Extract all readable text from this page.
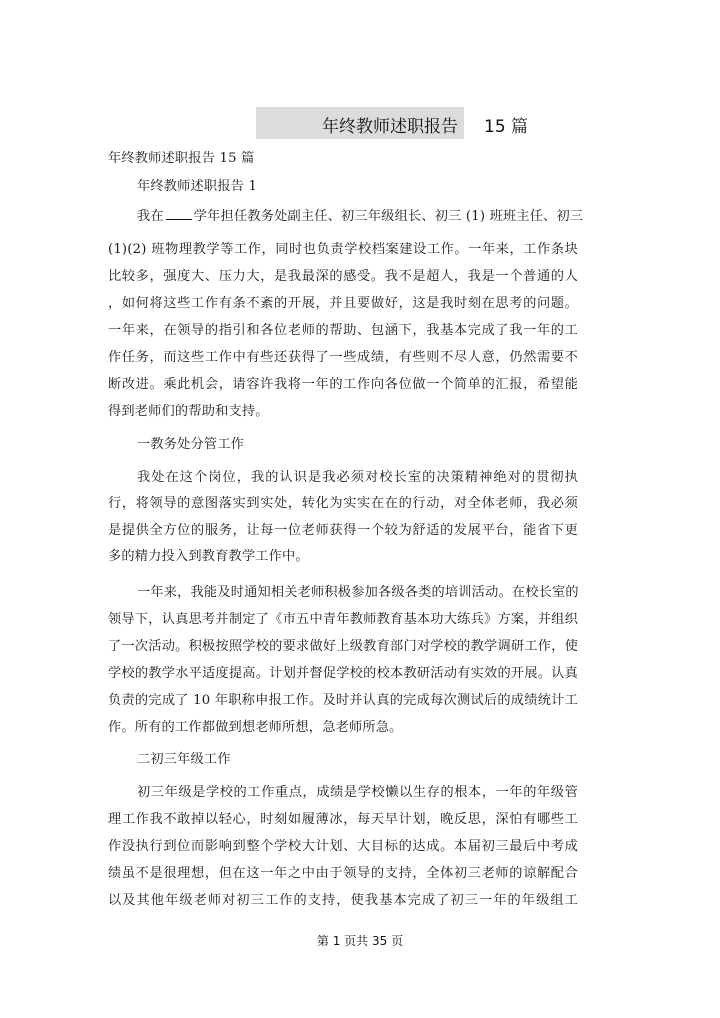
年终教师述职报告 15 篇
年终教师述职报告 15 篇
年终教师述职报告 1
我在 学年担任教务处副主任、初三年级组长、初三 (1) 班班主任、初三
(1)(2) 班物理教学等工作，同时也负责学校档案建设工作。一年来，工作条块
比较多，强度大、压力大，是我最深的感受。我不是超人，我是一个普通的人
，如何将这些工作有条不紊的开展，并且要做好，这是我时刻在思考的问题。
一年来，在领导的指引和各位老师的帮助、包涵下，我基本完成了我一年的工
作任务，而这些工作中有些还获得了一些成绩，有些则不尽人意，仍然需要不
断改进。乘此机会，请容许我将一年的工作向各位做一个简单的汇报，希望能
得到老师们的帮助和支持。
一教务处分管工作
我处在这个岗位，我的认识是我必须对校长室的决策精神绝对的贯彻执
行，将领导的意图落实到实处，转化为实实在在的行动，对全体老师，我必须
是提供全方位的服务，让每一位老师获得一个较为舒适的发展平台，能省下更
多的精力投入到教育教学工作中。
一年来，我能及时通知相关老师积极参加各级各类的培训活动。在校长室的
领导下，认真思考并制定了《市五中青年教师教育基本功大练兵》方案，并组织
了一次活动。积极按照学校的要求做好上级教育部门对学校的教学调研工作，使
学校的教学水平适度提高。计划并督促学校的校本教研活动有实效的开展。认真
负责的完成了 10 年职称申报工作。及时并认真的完成每次测试后的成绩统计工
作。所有的工作都做到想老师所想，急老师所急。
二初三年级工作
初三年级是学校的工作重点，成绩是学校懒以生存的根本，一年的年级管
理工作我不敢掉以轻心，时刻如履薄冰，每天早计划，晚反思，深怕有哪些工
作没执行到位而影响到整个学校大计划、大目标的达成。本届初三最后中考成
绩虽不是很理想，但在这一年之中由于领导的支持，全体初三老师的谅解配合
以及其他年级老师对初三工作的支持，使我基本完成了初三一年的年级组工
第 1 页共 35 页
